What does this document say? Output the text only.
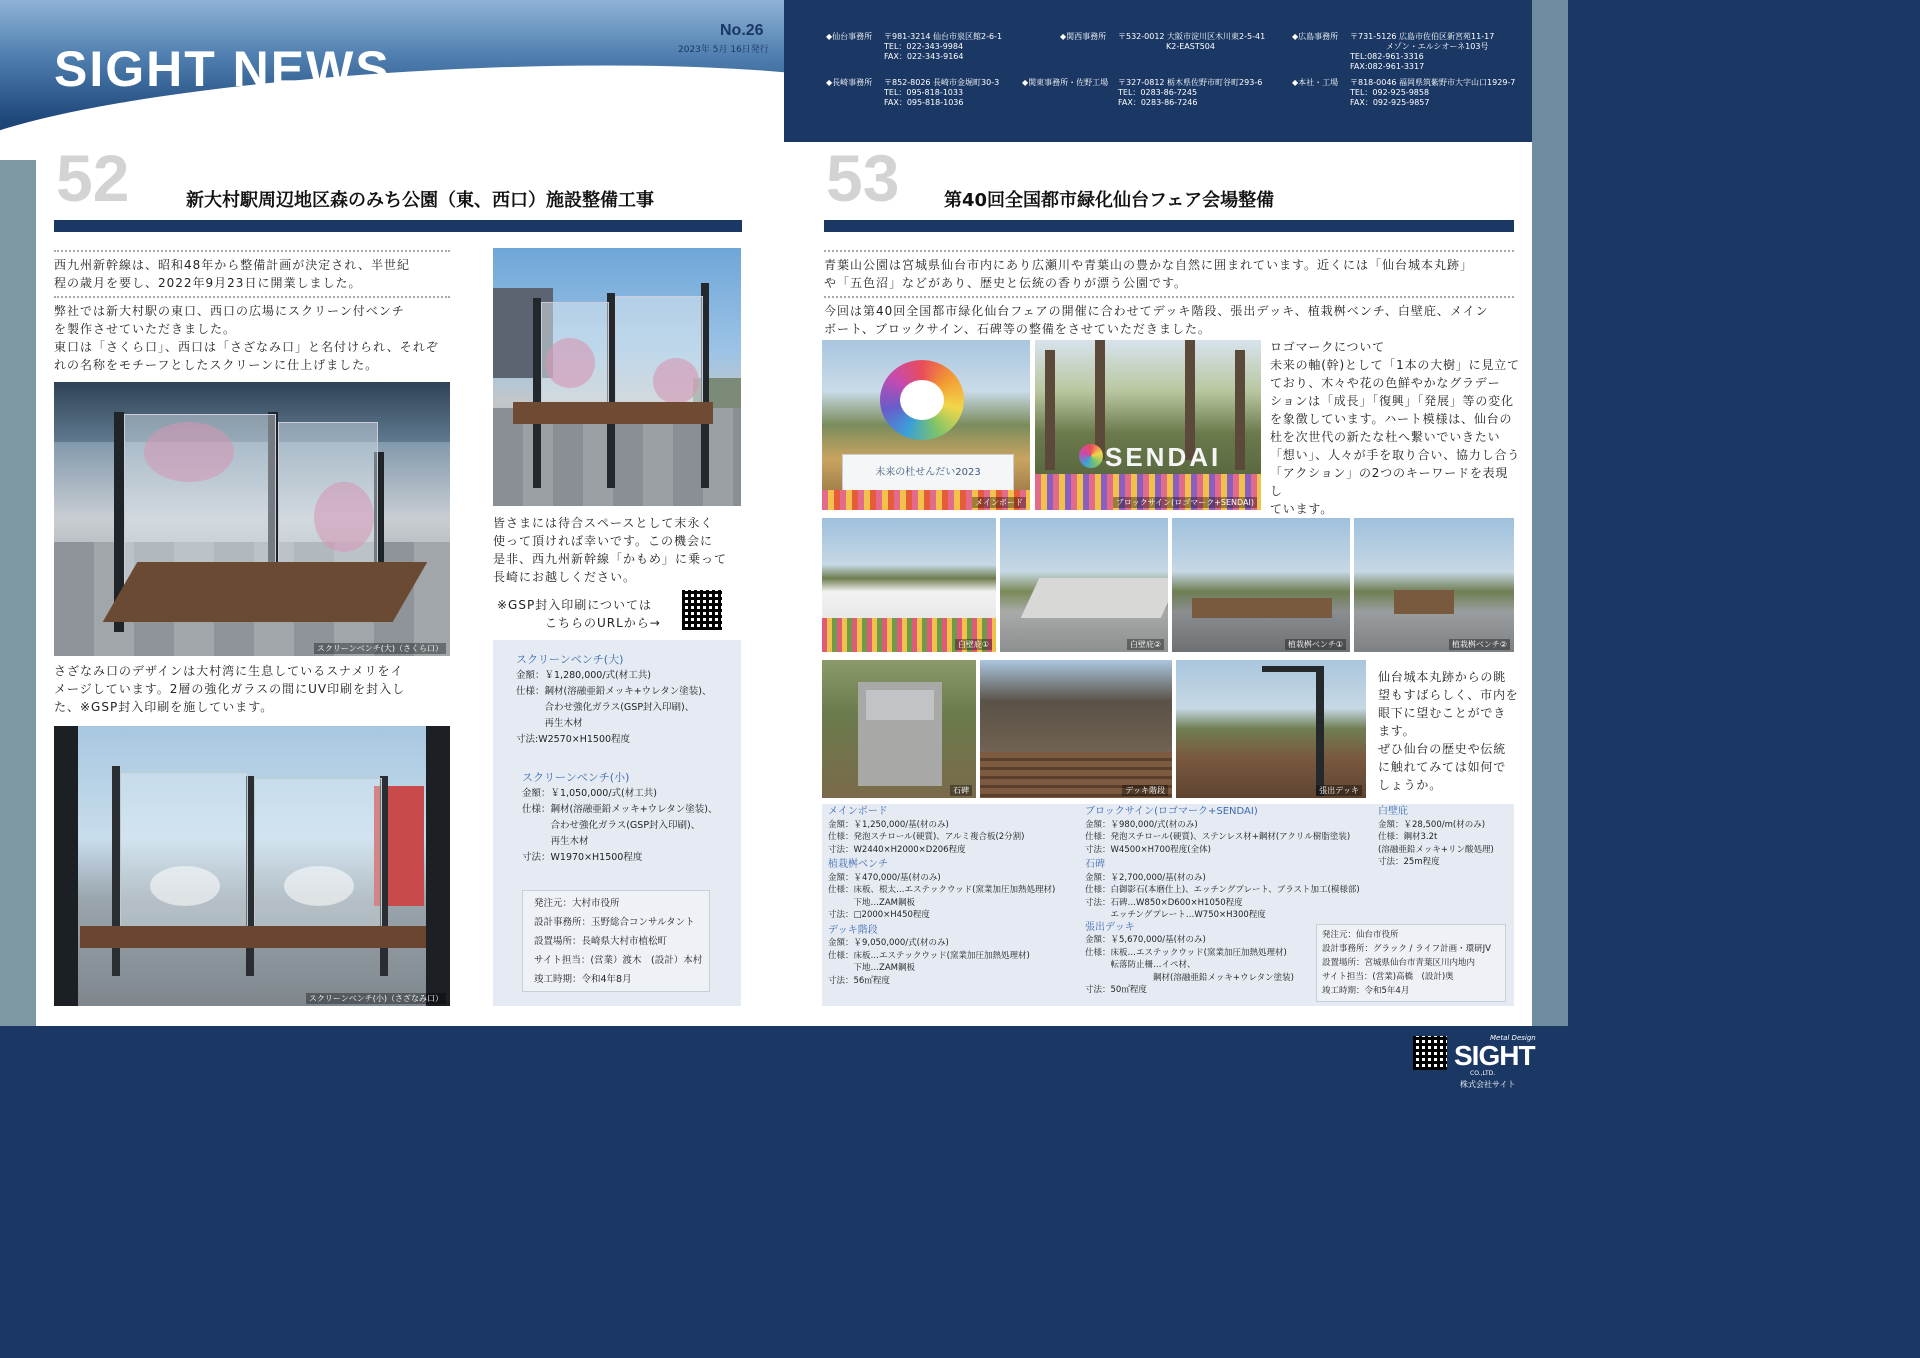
SIGHT NEWS
No.26
2023年 5月 16日発行
◆仙台事務所 〒981-3214 仙台市泉区館2-6-1
TEL：022-343-9984
FAX：022-343-9164
◆関西事務所 〒532-0012 大阪市淀川区木川東2-5-41
K2-EAST504
◆広島事務所 〒731-5126 広島市佐伯区新宮苑11-17
メゾン・エルシオーネ103号
TEL:082-961-3316
FAX:082-961-3317
◆長崎事務所 〒852-8026 長崎市金堀町30-3
TEL：095-818-1033
FAX：095-818-1036
◆関東事務所・佐野工場 〒327-0812 栃木県佐野市町谷町293-6
TEL：0283-86-7245
FAX：0283-86-7246
◆本社・工場 〒818-0046 福岡県筑紫野市大字山口1929-7
TEL：092-925-9858
FAX：092-925-9857
52	新大村駅周辺地区森のみち公園（東、西口）施設整備工事
西九州新幹線は、昭和48年から整備計画が決定され、半世紀
程の歳月を要し、2022年9月23日に開業しました。
弊社では新大村駅の東口、西口の広場にスクリーン付ベンチ
を製作させていただきました。
東口は「さくら口」、西口は「さざなみ口」と名付けられ、それぞ
れの名称をモチーフとしたスクリーンに仕上げました。
スクリーンベンチ(大)（さくら口）
さざなみ口のデザインは大村湾に生息しているスナメリをイ
メージしています。2層の強化ガラスの間にUV印刷を封入し
た、※GSP封入印刷を施しています。
スクリーンベンチ(小)（さざなみ口）
皆さまには待合スペースとして末永く
使って頂ければ幸いです。この機会に
是非、西九州新幹線「かもめ」に乗って
長崎にお越しください。
※GSP封入印刷については
こちらのURLから→
スクリーンベンチ(大)
金額：￥1,280,000/式(材工共)
仕様：鋼材(溶融亜鉛メッキ+ウレタン塗装)、
　　　合わせ強化ガラス(GSP封入印刷)、
　　　再生木材
寸法:W2570×H1500程度
スクリーンベンチ(小)
金額：￥1,050,000/式(材工共)
仕様：鋼材(溶融亜鉛メッキ+ウレタン塗装)、
　　　合わせ強化ガラス(GSP封入印刷)、
　　　再生木材
寸法：W1970×H1500程度
発注元：大村市役所
設計事務所：玉野総合コンサルタント
設置場所：長崎県大村市植松町
サイト担当：(営業）渡木　(設計）本村
竣工時期：令和4年8月
53 第40回全国都市緑化仙台フェア会場整備
青葉山公園は宮城県仙台市内にあり広瀬川や青葉山の豊かな自然に囲まれています。近くには「仙台城本丸跡」
や「五色沼」などがあり、歴史と伝統の香りが漂う公園です。
今回は第40回全国都市緑化仙台フェアの開催に合わせてデッキ階段、張出デッキ、植栽桝ベンチ、白壁庇、メイン
ボート、ブロックサイン、石碑等の整備をさせていただきました。
未来の杜せんだい2023
メインボード
SENDAI
ブロックサイン(ロゴマーク+SENDAI)
ロゴマークについて
未来の軸(幹)として「1本の大樹」に見立て
ており、木々や花の色鮮やかなグラデー
ションは「成長」「復興」「発展」等の変化
を象徴しています。ハート模様は、仙台の
杜を次世代の新たな杜へ繋いでいきたい
「想い」、人々が手を取り合い、協力し合う
「アクション」の2つのキーワードを表現し
ています。
白壁庇①	白壁庇②	植栽桝ベンチ①	植栽桝ベンチ②
石碑	デッキ階段	張出デッキ
仙台城本丸跡からの眺
望もすばらしく、市内を
眼下に望むことができ
ます。
ぜひ仙台の歴史や伝統
に触れてみては如何で
しょうか。
メインボード
金額：￥1,250,000/基(材のみ)
仕様：発泡スチロール(硬質)、アルミ複合板(2分割)
寸法：W2440×H2000×D206程度
植栽桝ベンチ
金額：￥470,000/基(材のみ)
仕様：床板、根太…エステックウッド(窯業加圧加熱処理材)
　　　下地…ZAM鋼板
寸法：□2000×H450程度
デッキ階段
金額：￥9,050,000/式(材のみ)
仕様：床板…エステックウッド(窯業加圧加熱処理材)
　　　下地…ZAM鋼板
寸法：56㎡程度
ブロックサイン(ロゴマーク+SENDAI)
金額：￥980,000/式(材のみ)
仕様：発泡スチロール(硬質)、ステンレス材+鋼材(アクリル樹脂塗装)
寸法：W4500×H700程度(全体)
石碑
金額：￥2,700,000/基(材のみ)
仕様：白御影石(本磨仕上)、エッチングプレート、ブラスト加工(模様部)
寸法：石碑…W850×D600×H1050程度
　　　エッチングプレート…W750×H300程度
張出デッキ
金額：￥5,670,000/基(材のみ)
仕様：床板…エステックウッド(窯業加圧加熱処理材)
　　　転落防止柵…イペ材、
　　　　　　　　鋼材(溶融亜鉛メッキ+ウレタン塗装)
寸法：50㎡程度
白壁庇
金額：￥28,500/m(材のみ)
仕様：鋼材3.2t
(溶融亜鉛メッキ+リン酸処理)
寸法：25m程度
発注元：仙台市役所
設計事務所：グラック / ライフ計画・環研JV
設置場所：宮城県仙台市青葉区川内地内
サイト担当：(営業)高橋　(設計)奥
竣工時期：令和5年4月
Metal Design
SIGHT
CO.,LTD.
株式会社サイト
